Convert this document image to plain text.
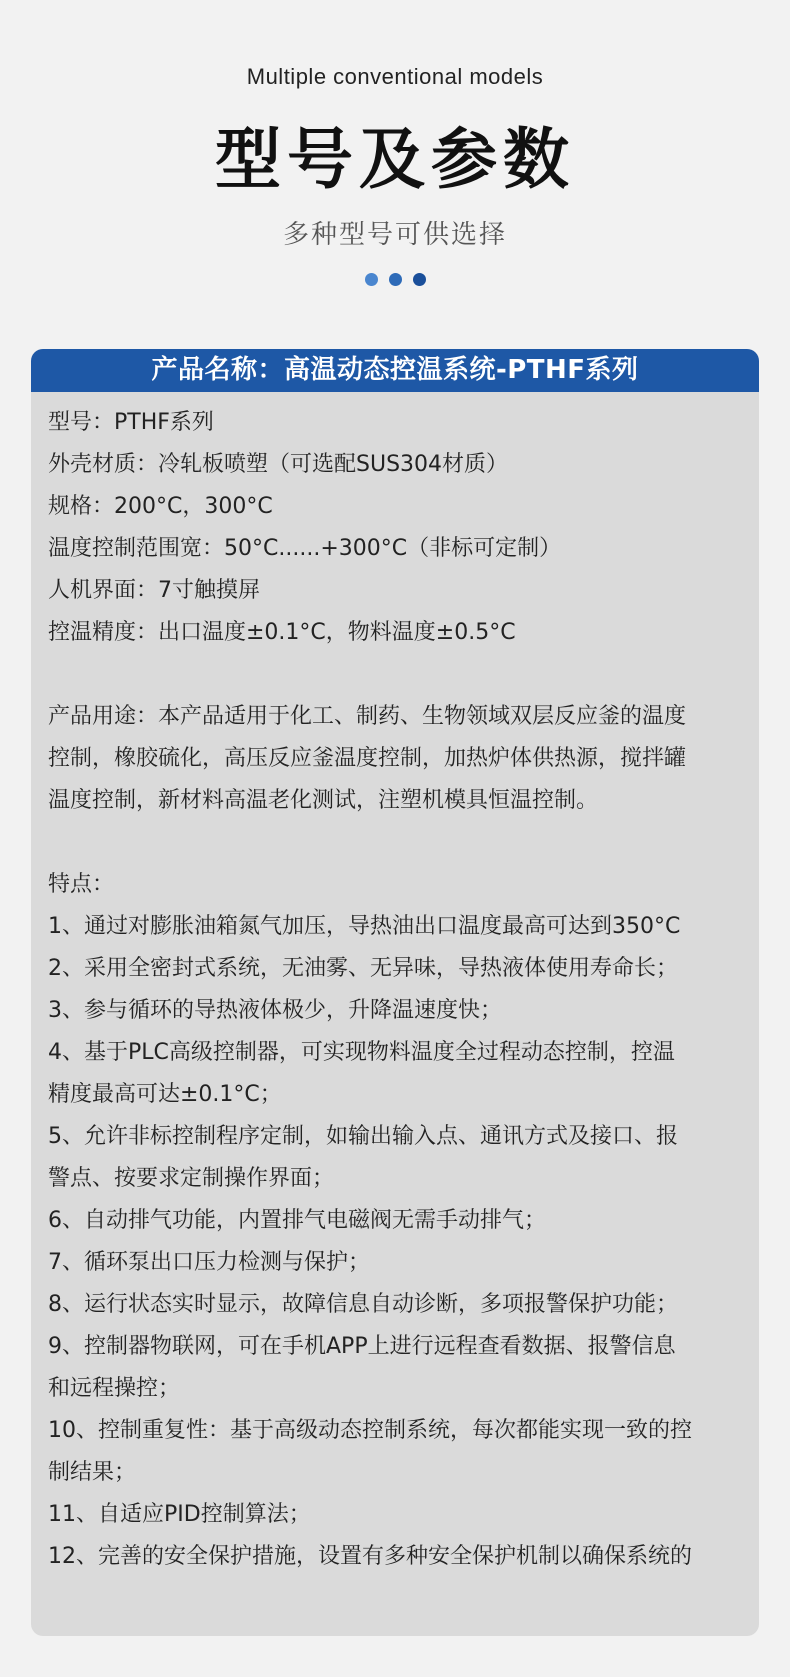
Multiple conventional models
型号及参数
多种型号可供选择
产品名称：高温动态控温系统-PTHF系列
型号：PTHF系列
外壳材质：冷轧板喷塑（可选配SUS304材质）
规格：200°C，300°C
温度控制范围宽：50°C......+300°C（非标可定制）
人机界面：7寸触摸屏
控温精度：出口温度±0.1°C，物料温度±0.5°C
产品用途：本产品适用于化工、制药、生物领域双层反应釜的温度
控制，橡胶硫化，高压反应釜温度控制，加热炉体供热源，搅拌罐
温度控制，新材料高温老化测试，注塑机模具恒温控制。
特点：
1、通过对膨胀油箱氮气加压，导热油出口温度最高可达到350°C
2、采用全密封式系统，无油雾、无异味，导热液体使用寿命长；
3、参与循环的导热液体极少，升降温速度快；
4、基于PLC高级控制器，可实现物料温度全过程动态控制，控温
精度最高可达±0.1°C；
5、允许非标控制程序定制，如输出输入点、通讯方式及接口、报
警点、按要求定制操作界面；
6、自动排气功能，内置排气电磁阀无需手动排气；
7、循环泵出口压力检测与保护；
8、运行状态实时显示，故障信息自动诊断，多项报警保护功能；
9、控制器物联网，可在手机APP上进行远程查看数据、报警信息
和远程操控；
10、控制重复性：基于高级动态控制系统，每次都能实现一致的控
制结果；
11、自适应PID控制算法；
12、完善的安全保护措施，设置有多种安全保护机制以确保系统的
